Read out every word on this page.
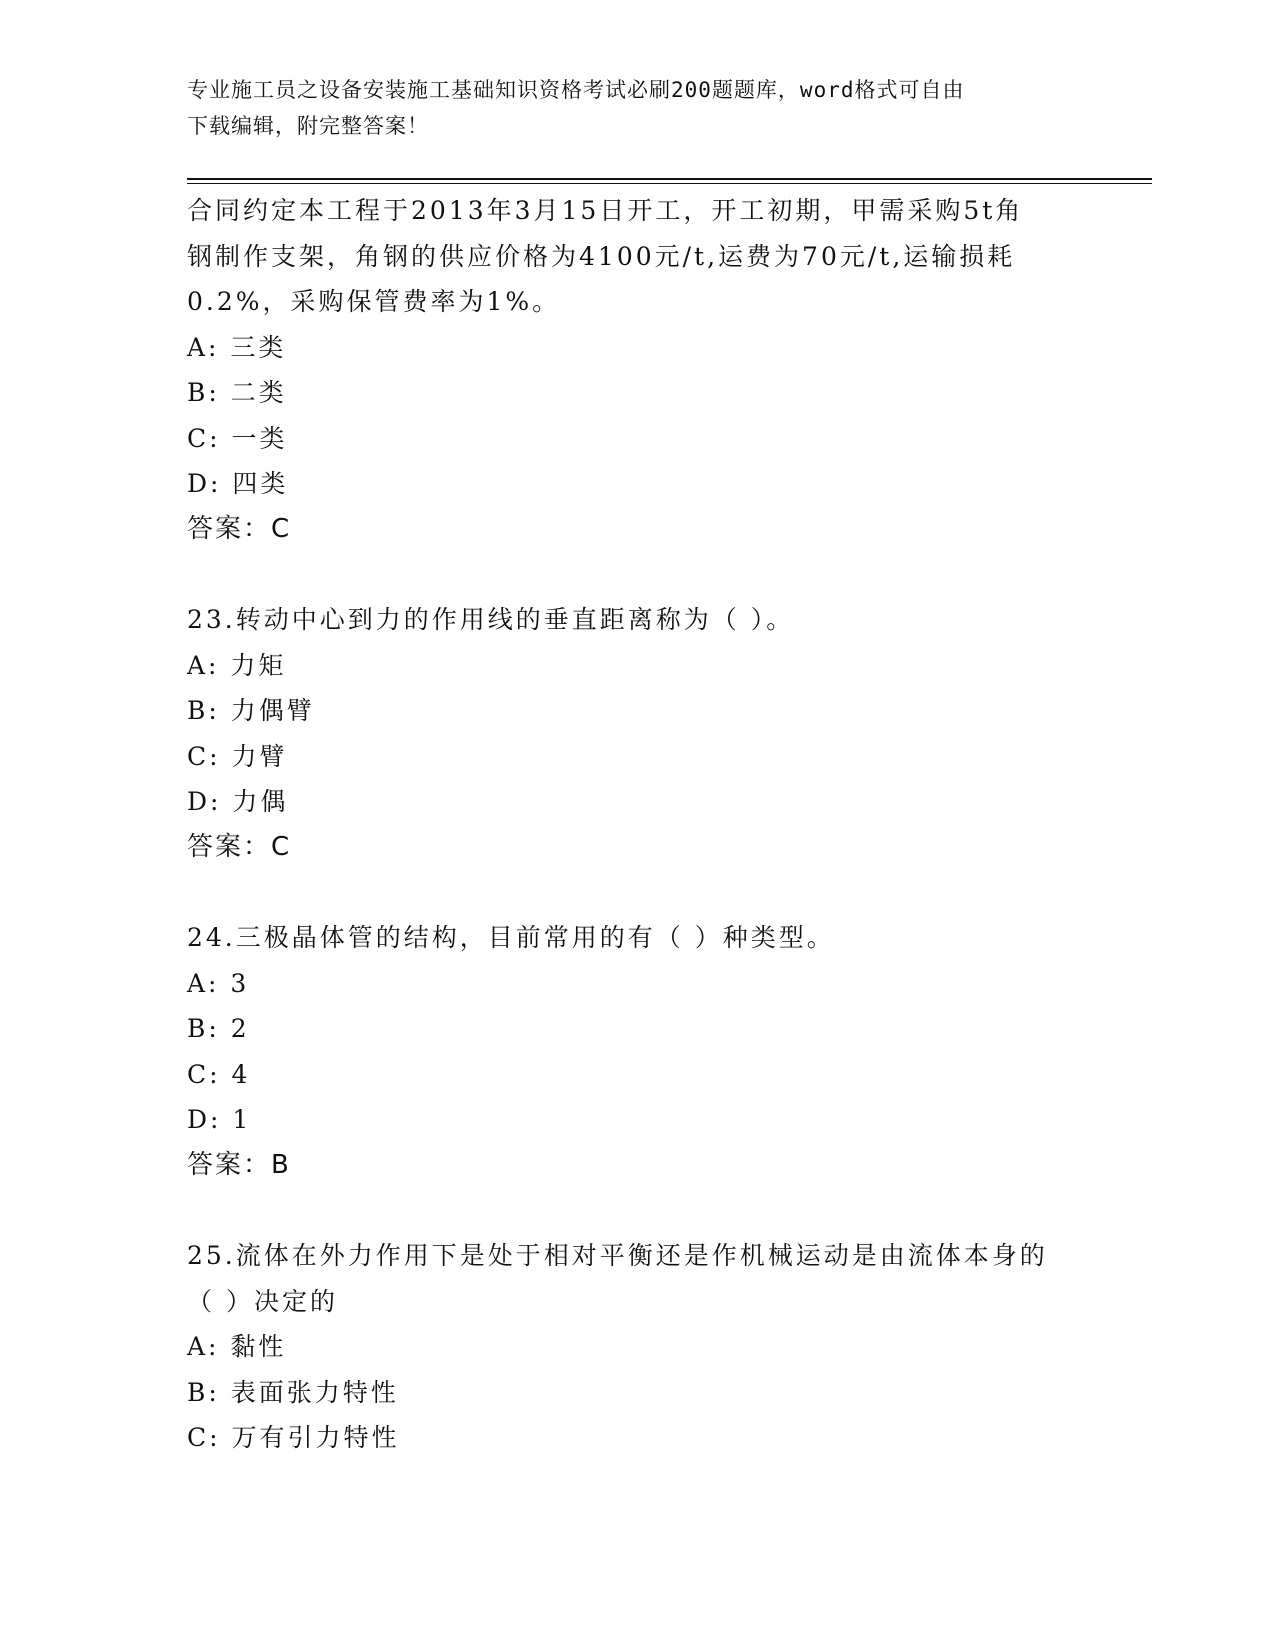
专业施工员之设备安装施工基础知识资格考试必刷200题题库，word格式可自由
下载编辑，附完整答案！
合同约定本工程于2013年3月15日开工，开工初期，甲需采购5t角
钢制作支架，角钢的供应价格为4100元/t,运费为70元/t,运输损耗
0.2%，采购保管费率为1%。
A: 三类
B: 二类
C: 一类
D: 四类
答案：C
23.转动中心到力的作用线的垂直距离称为（ ）。
A: 力矩
B: 力偶臂
C: 力臂
D: 力偶
答案：C
24.三极晶体管的结构，目前常用的有（ ）种类型。
A: 3
B: 2
C: 4
D: 1
答案：B
25.流体在外力作用下是处于相对平衡还是作机械运动是由流体本身的
（ ）决定的
A: 黏性
B: 表面张力特性
C: 万有引力特性
